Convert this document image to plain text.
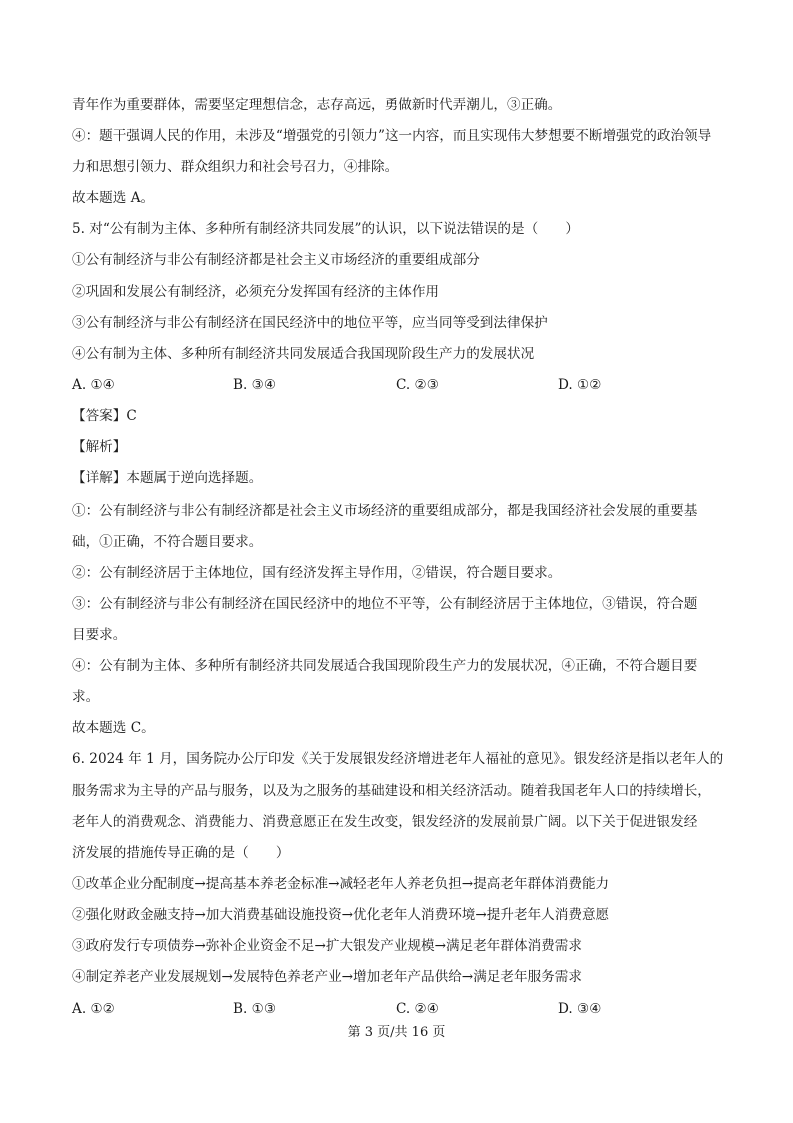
青年作为重要群体，需要坚定理想信念，志存高远，勇做新时代弄潮儿，③正确。
④：题干强调人民的作用，未涉及“增强党的引领力”这一内容，而且实现伟大梦想要不断增强党的政治领导
力和思想引领力、群众组织力和社会号召力，④排除。
故本题选 A。
5. 对“公有制为主体、多种所有制经济共同发展”的认识，以下说法错误的是（　　）
①公有制经济与非公有制经济都是社会主义市场经济的重要组成部分
②巩固和发展公有制经济，必须充分发挥国有经济的主体作用
③公有制经济与非公有制经济在国民经济中的地位平等，应当同等受到法律保护
④公有制为主体、多种所有制经济共同发展适合我国现阶段生产力的发展状况
A. ①④	B. ③④	C. ②③	D. ①②
【答案】C
【解析】
【详解】本题属于逆向选择题。
①：公有制经济与非公有制经济都是社会主义市场经济的重要组成部分，都是我国经济社会发展的重要基
础，①正确，不符合题目要求。
②：公有制经济居于主体地位，国有经济发挥主导作用，②错误，符合题目要求。
③：公有制经济与非公有制经济在国民经济中的地位不平等，公有制经济居于主体地位，③错误，符合题
目要求。
④：公有制为主体、多种所有制经济共同发展适合我国现阶段生产力的发展状况，④正确，不符合题目要
求。
故本题选 C。
6. 2024 年 1 月，国务院办公厅印发《关于发展银发经济增进老年人福祉的意见》。银发经济是指以老年人的
服务需求为主导的产品与服务，以及为之服务的基础建设和相关经济活动。随着我国老年人口的持续增长，
老年人的消费观念、消费能力、消费意愿正在发生改变，银发经济的发展前景广阔。以下关于促进银发经
济发展的措施传导正确的是（　　）
①改革企业分配制度→提高基本养老金标准→减轻老年人养老负担→提高老年群体消费能力
②强化财政金融支持→加大消费基础设施投资→优化老年人消费环境→提升老年人消费意愿
③政府发行专项债券→弥补企业资金不足→扩大银发产业规模→满足老年群体消费需求
④制定养老产业发展规划→发展特色养老产业→增加老年产品供给→满足老年服务需求
A. ①②	B. ①③	C. ②④	D. ③④
第 3 页/共 16 页
